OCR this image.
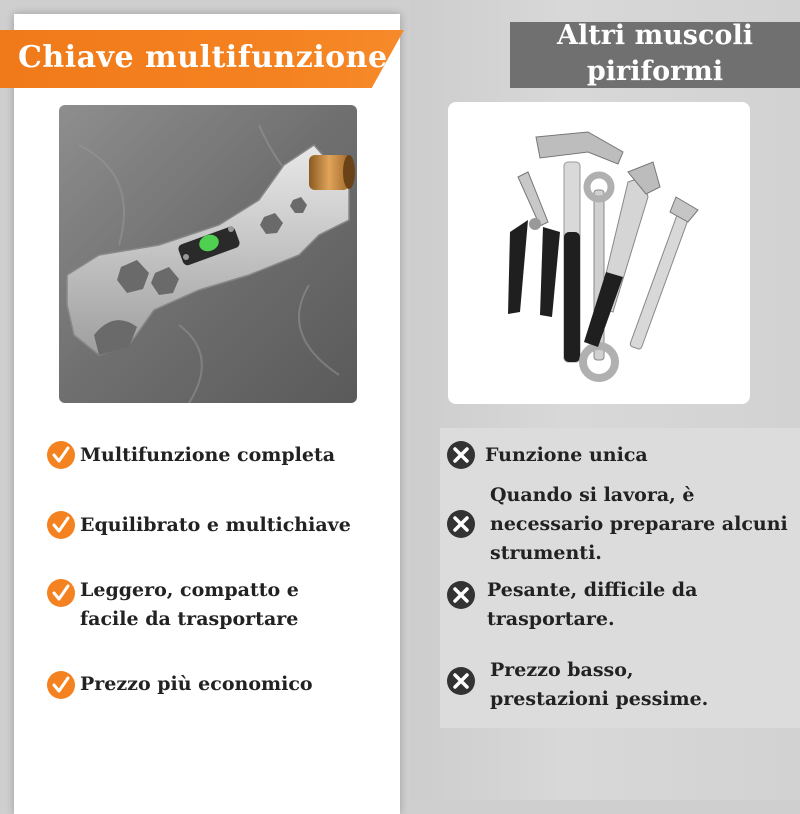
Chiave multifunzione
Altri muscoli
piriformi
Multifunzione completa
Equilibrato e multichiave
Leggero, compatto e
facile da trasportare
Prezzo più economico
Funzione unica
Quando si lavora, è
necessario preparare alcuni
strumenti.
Pesante, difficile da
trasportare.
Prezzo basso,
prestazioni pessime.
